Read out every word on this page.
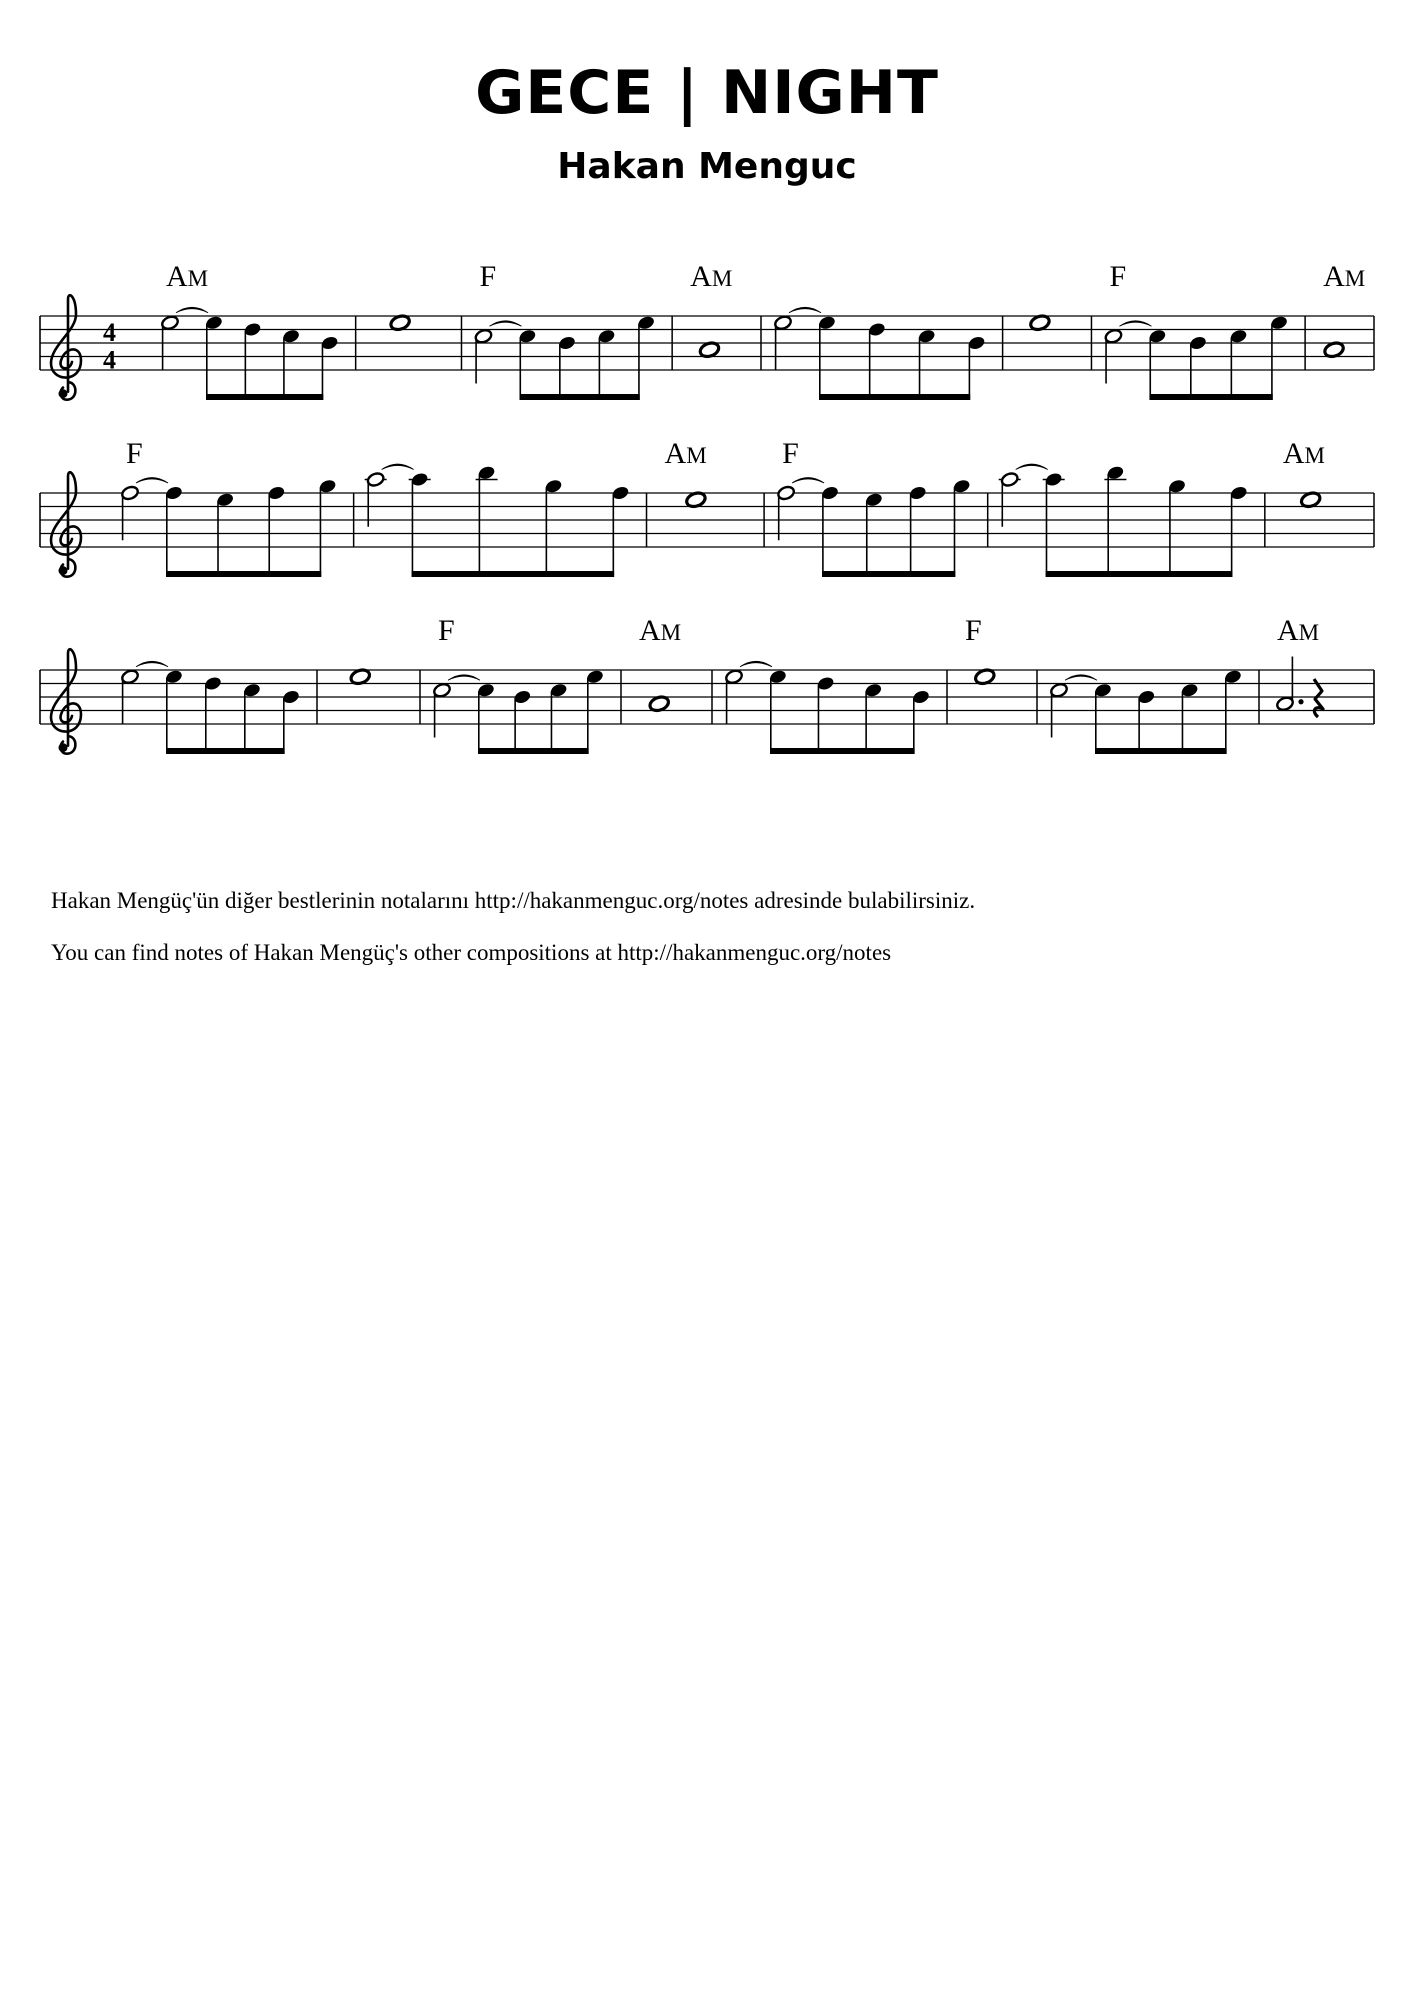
GECE | NIGHT
Hakan Menguc
4
4
AM	F	AM	F	AM
F	AM	F	AM
F	AM	F	AM
Hakan Mengüç'ün diğer bestlerinin notalarını http://hakanmenguc.org/notes adresinde bulabilirsiniz.
You can find notes of Hakan Mengüç's other compositions at http://hakanmenguc.org/notes
